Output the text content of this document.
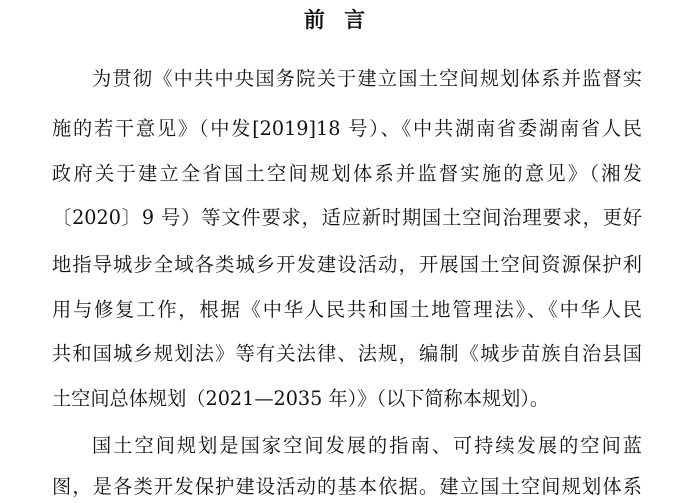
前 言
为贯彻《中共中央国务院关于建立国土空间规划体系并监督实
施的若干意见》（中发[2019]18 号）、《中共湖南省委湖南省人民
政府关于建立全省国土空间规划体系并监督实施的意见》（湘发
〔2020〕9 号）等文件要求，适应新时期国土空间治理要求，更好
地指导城步全域各类城乡开发建设活动，开展国土空间资源保护利
用与修复工作，根据《中华人民共和国土地管理法》、《中华人民
共和国城乡规划法》等有关法律、法规，编制《城步苗族自治县国
土空间总体规划（2021—2035 年）》（以下简称本规划）。
国土空间规划是国家空间发展的指南、可持续发展的空间蓝
图，是各类开发保护建设活动的基本依据。建立国土空间规划体系
